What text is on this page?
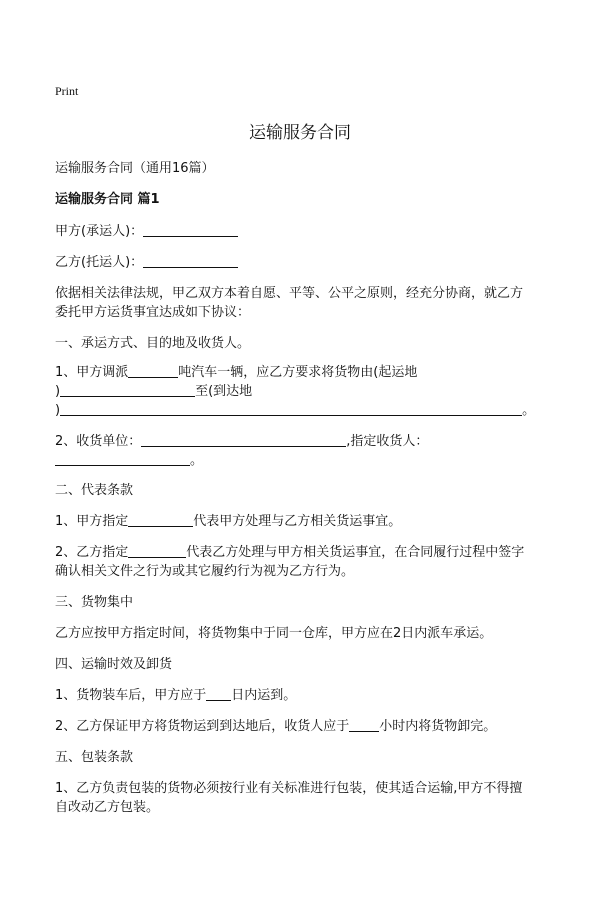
Print
运输服务合同
运输服务合同（通用16篇）
运输服务合同 篇1
甲方(承运人)：
乙方(托运人)：
依据相关法律法规，甲乙双方本着自愿、平等、公平之原则，经充分协商，就乙方
委托甲方运货事宜达成如下协议：
一、承运方式、目的地及收货人。
1、甲方调派	吨汽车一辆，应乙方要求将货物由(起运地
)	至(到达地
)	。
2、收货单位：	,指定收货人：
。
二、代表条款
1、甲方指定	代表甲方处理与乙方相关货运事宜。
2、乙方指定	代表乙方处理与甲方相关货运事宜，在合同履行过程中签字
确认相关文件之行为或其它履约行为视为乙方行为。
三、货物集中
乙方应按甲方指定时间，将货物集中于同一仓库，甲方应在2日内派车承运。
四、运输时效及卸货
1、货物装车后，甲方应于 日内运到。
2、乙方保证甲方将货物运到到达地后，收货人应于 小时内将货物卸完。
五、包装条款
1、乙方负责包装的货物必须按行业有关标准进行包装，使其适合运输,甲方不得擅
自改动乙方包装。
